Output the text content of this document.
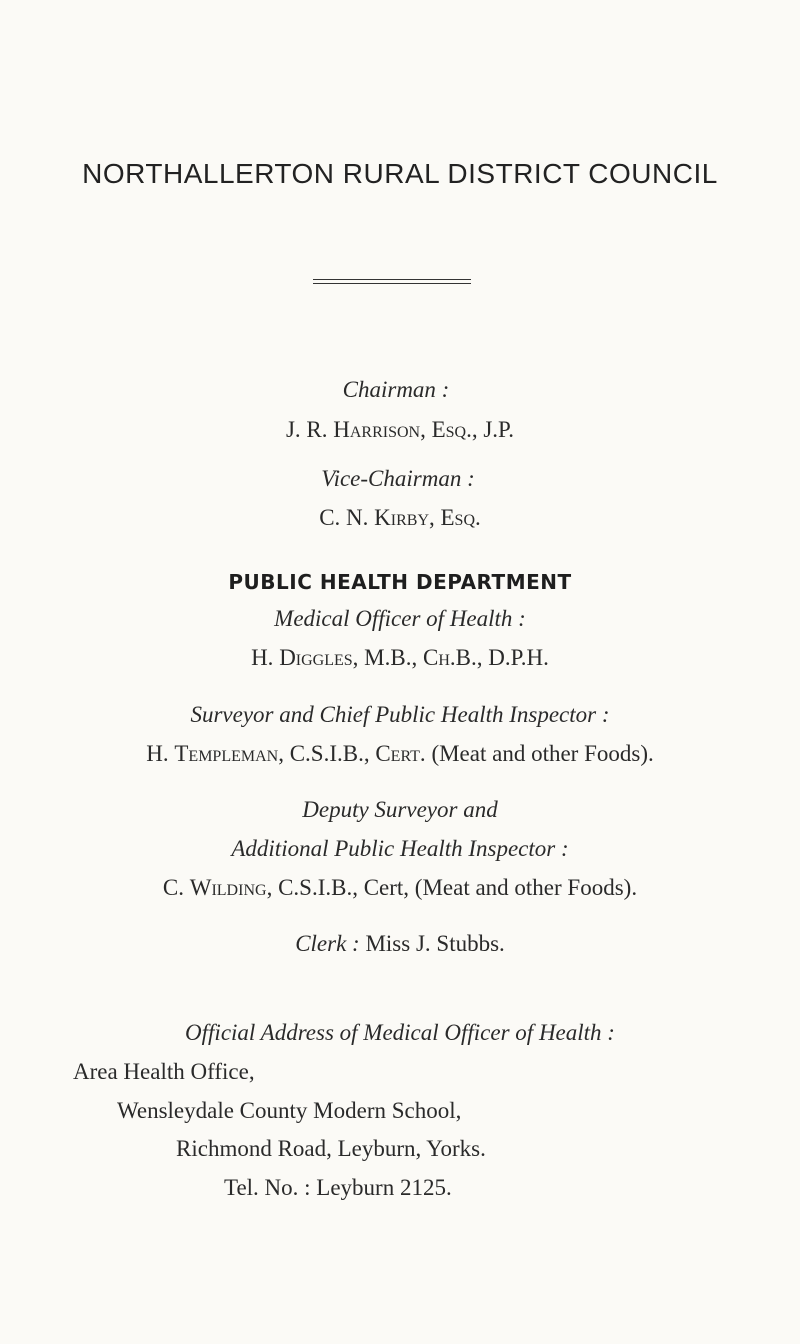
NORTHALLERTON RURAL DISTRICT COUNCIL
Chairman :
J. R. Harrison, Esq., J.P.
Vice-Chairman :
C. N. Kirby, Esq.
PUBLIC HEALTH DEPARTMENT
Medical Officer of Health :
H. Diggles, M.B., Ch.B., D.P.H.
Surveyor and Chief Public Health Inspector :
H. Templeman, C.S.I.B., Cert. (Meat and other Foods).
Deputy Surveyor and
Additional Public Health Inspector :
C. Wilding, C.S.I.B., Cert, (Meat and other Foods).
Clerk : Miss J. Stubbs.
Official Address of Medical Officer of Health :
Area Health Office,
Wensleydale County Modern School,
Richmond Road, Leyburn, Yorks.
Tel. No. : Leyburn 2125.
